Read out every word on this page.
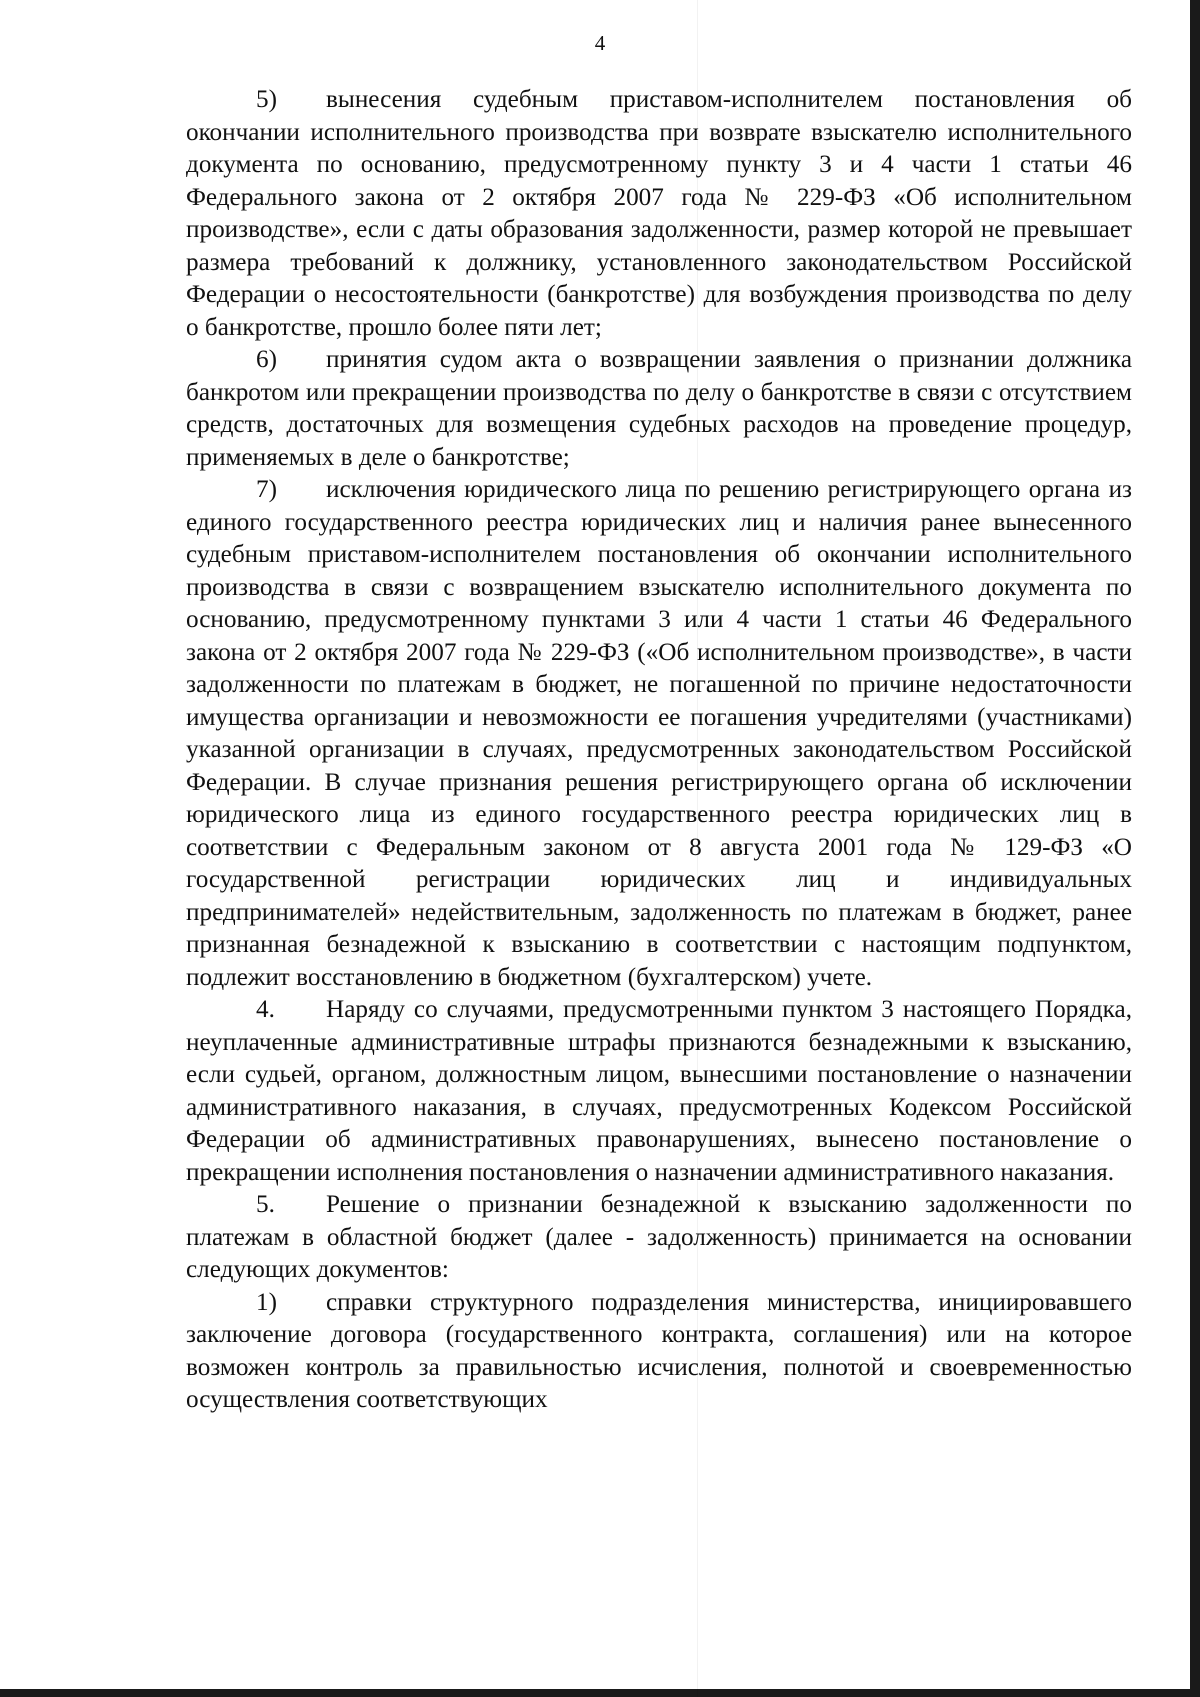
4

5) вынесения судебным приставом-исполнителем постановления об окончании исполнительного производства при возврате взыскателю исполнительного документа по основанию, предусмотренному пункту 3 и 4 части 1 статьи 46 Федерального закона от 2 октября 2007 года № 229-ФЗ «Об исполнительном производстве», если с даты образования задолженности, размер которой не превышает размера требований к должнику, установленного законодательством Российской Федерации о несостоятельности (банкротстве) для возбуждения производства по делу о банкротстве, прошло более пяти лет;

6) принятия судом акта о возвращении заявления о признании должника банкротом или прекращении производства по делу о банкротстве в связи с отсутствием средств, достаточных для возмещения судебных расходов на проведение процедур, применяемых в деле о банкротстве;

7) исключения юридического лица по решению регистрирующего органа из единого государственного реестра юридических лиц и наличия ранее вынесенного судебным приставом-исполнителем постановления об окончании исполнительного производства в связи с возвращением взыскателю исполнительного документа по основанию, предусмотренному пунктами 3 или 4 части 1 статьи 46 Федерального закона от 2 октября 2007 года № 229-ФЗ («Об исполнительном производстве», в части задолженности по платежам в бюджет, не погашенной по причине недостаточности имущества организации и невозможности ее погашения учредителями (участниками) указанной организации в случаях, предусмотренных законодательством Российской Федерации. В случае признания решения регистрирующего органа об исключении юридического лица из единого государственного реестра юридических лиц в соответствии с Федеральным законом от 8 августа 2001 года № 129-ФЗ «О государственной регистрации юридических лиц и индивидуальных предпринимателей» недействительным, задолженность по платежам в бюджет, ранее признанная безнадежной к взысканию в соответствии с настоящим подпунктом, подлежит восстановлению в бюджетном (бухгалтерском) учете.

4. Наряду со случаями, предусмотренными пунктом 3 настоящего Порядка, неуплаченные административные штрафы признаются безнадежными к взысканию, если судьей, органом, должностным лицом, вынесшими постановление о назначении административного наказания, в случаях, предусмотренных Кодексом Российской Федерации об административных правонарушениях, вынесено постановление о прекращении исполнения постановления о назначении административного наказания.

5. Решение о признании безнадежной к взысканию задолженности по платежам в областной бюджет (далее - задолженность) принимается на основании следующих документов:

1) справки структурного подразделения министерства, инициировавшего заключение договора (государственного контракта, соглашения) или на которое возможен контроль за правильностью исчисления, полнотой и своевременностью осуществления соответствующих
